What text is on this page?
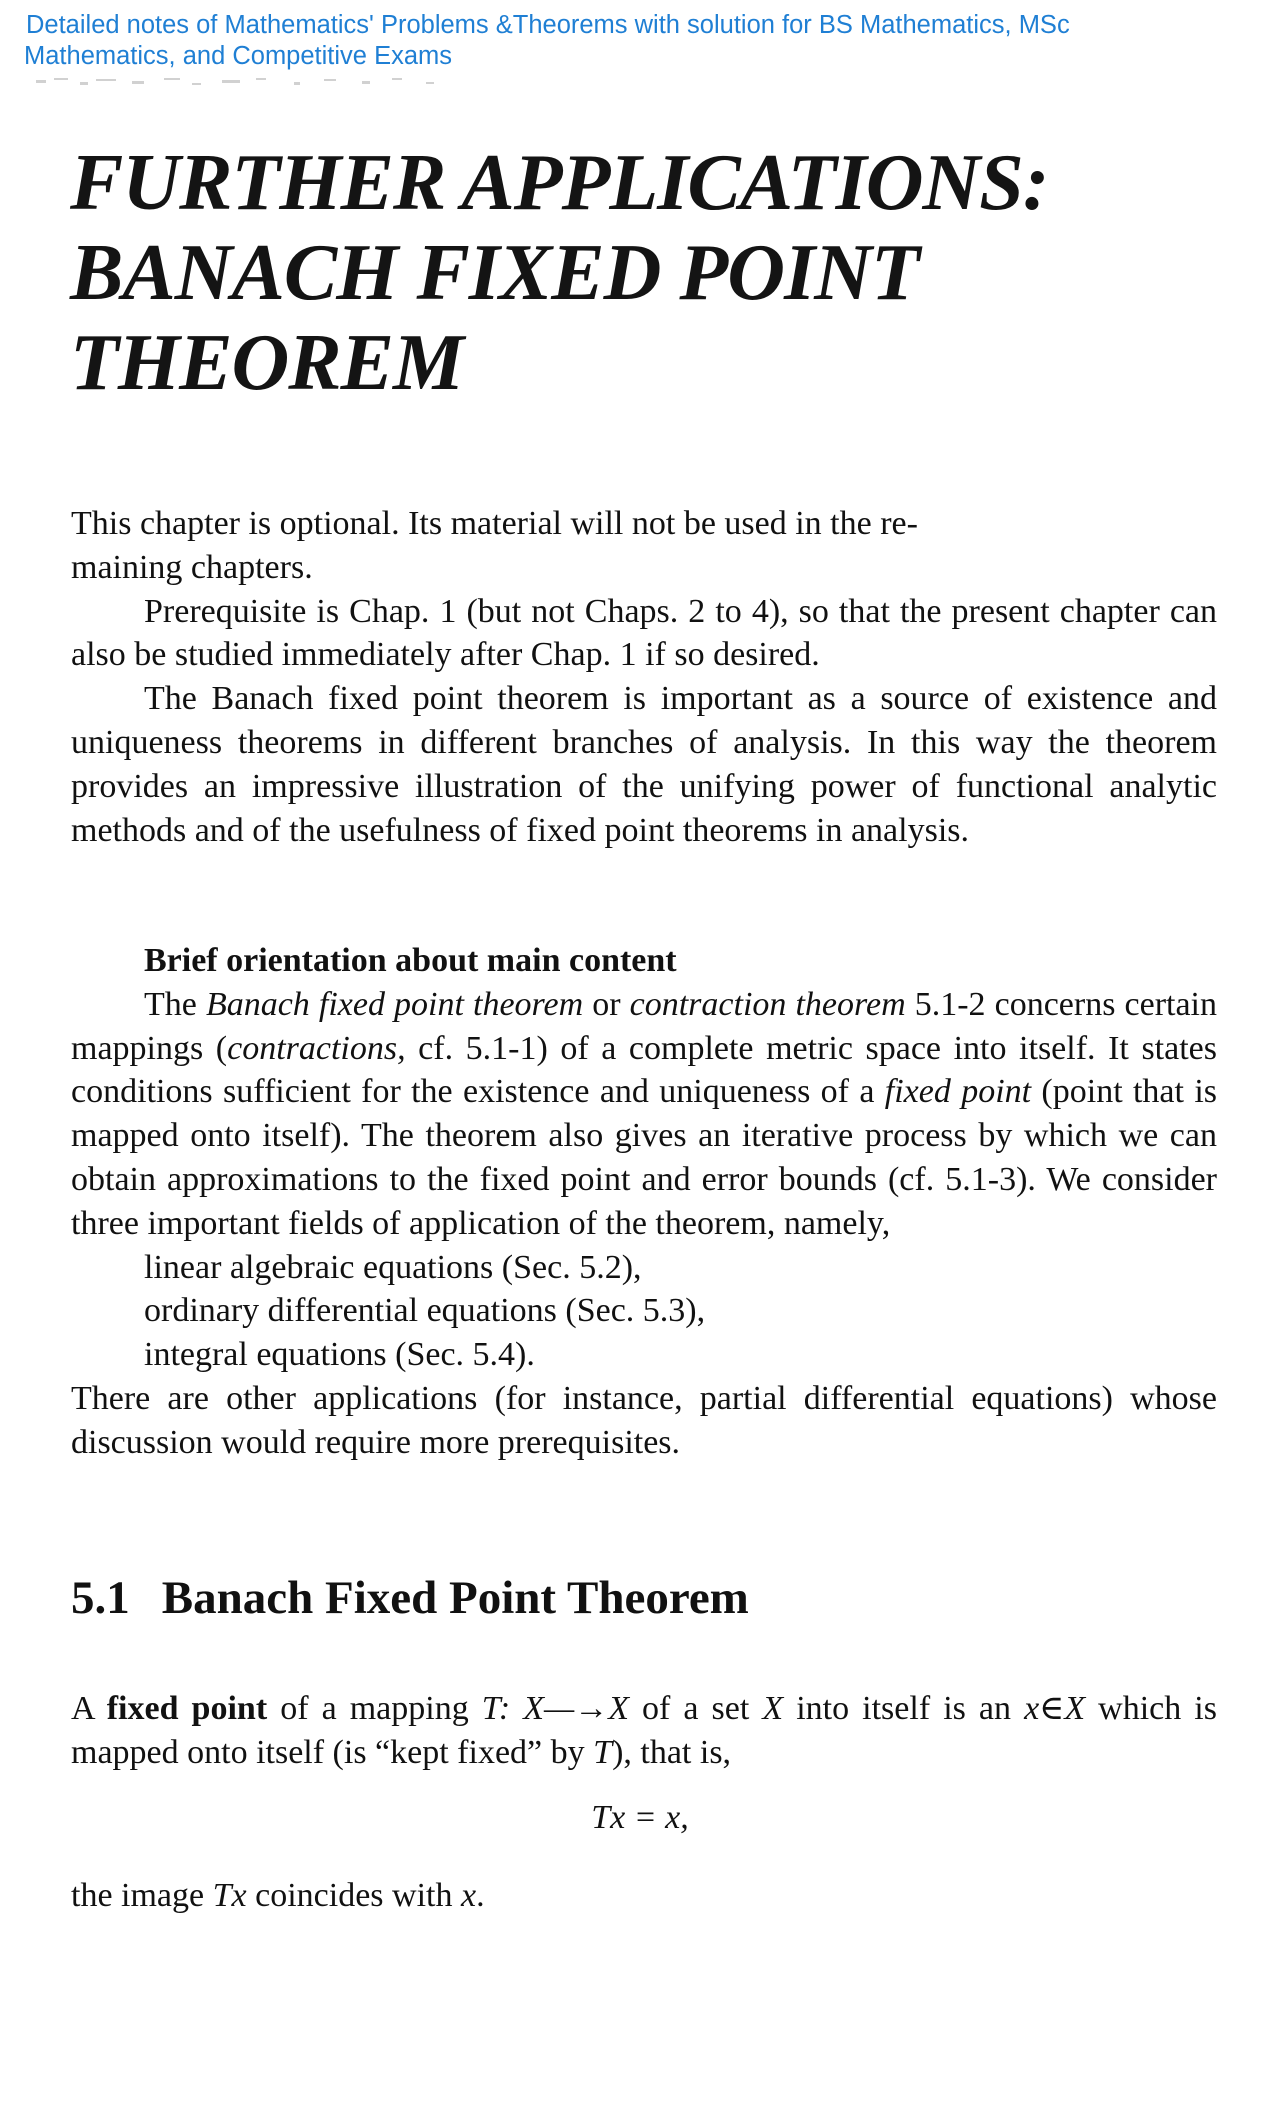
Detailed notes of Mathematics' Problems &Theorems with solution for BS Mathematics, MSc
Mathematics, and Competitive Exams
FURTHER APPLICATIONS:
BANACH FIXED POINT
THEOREM

This chapter is optional. Its material will not be used in the re-
maining chapters.

Prerequisite is Chap. 1 (but not Chaps. 2 to 4), so that the present chapter can also be studied immediately after Chap. 1 if so desired.

The Banach fixed point theorem is important as a source of existence and uniqueness theorems in different branches of analysis. In this way the theorem provides an impressive illustration of the unifying power of functional analytic methods and of the usefulness of fixed point theorems in analysis.

Brief orientation about main content

The Banach fixed point theorem or contraction theorem 5.1-2 concerns certain mappings (contractions, cf. 5.1-1) of a complete metric space into itself. It states conditions sufficient for the existence and uniqueness of a fixed point (point that is mapped onto itself). The theorem also gives an iterative process by which we can obtain approximations to the fixed point and error bounds (cf. 5.1-3). We consider three important fields of application of the theorem, namely,

linear algebraic equations (Sec. 5.2),
ordinary differential equations (Sec. 5.3),
integral equations (Sec. 5.4).

There are other applications (for instance, partial differential equations) whose discussion would require more prerequisites.

5.1 Banach Fixed Point Theorem

A fixed point of a mapping T: X—→X of a set X into itself is an x∈X which is mapped onto itself (is “kept fixed” by T), that is,

Tx = x,

the image Tx coincides with x.
